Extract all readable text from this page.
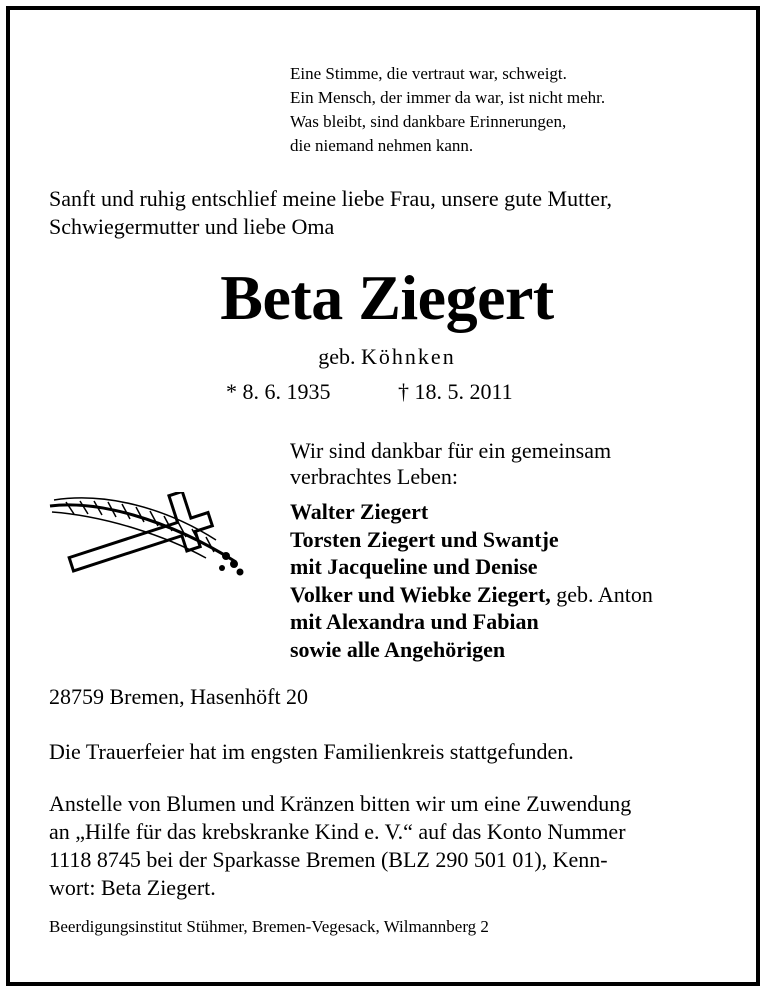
Eine Stimme, die vertraut war, schweigt.
Ein Mensch, der immer da war, ist nicht mehr.
Was bleibt, sind dankbare Erinnerungen,
die niemand nehmen kann.
Sanft und ruhig entschlief meine liebe Frau, unsere gute Mutter,
Schwiegermutter und liebe Oma
Beta Ziegert
geb. Köhnken
* 8. 6. 1935	† 18. 5. 2011
Wir sind dankbar für ein gemeinsam
verbrachtes Leben:
Walter Ziegert
Torsten Ziegert und Swantje
mit Jacqueline und Denise
Volker und Wiebke Ziegert, geb. Anton
mit Alexandra und Fabian
sowie alle Angehörigen
28759 Bremen, Hasenhöft 20
Die Trauerfeier hat im engsten Familienkreis stattgefunden.
Anstelle von Blumen und Kränzen bitten wir um eine Zuwendung
an „Hilfe für das krebskranke Kind e. V.“ auf das Konto Nummer
1118 8745 bei der Sparkasse Bremen (BLZ 290 501 01), Kenn-
wort: Beta Ziegert.
Beerdigungsinstitut Stühmer, Bremen-Vegesack, Wilmannberg 2
